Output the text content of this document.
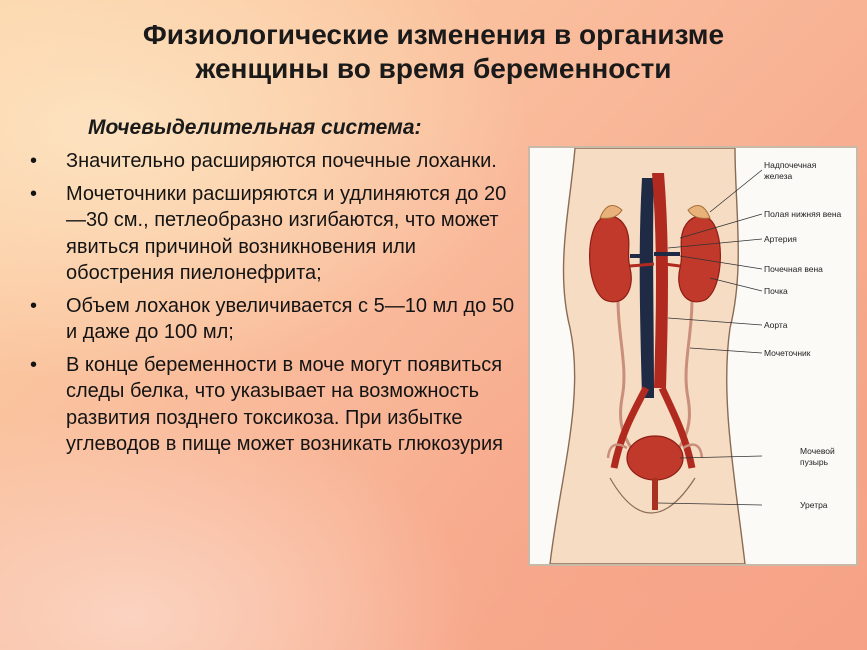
Физиологические изменения в организме
женщины во время беременности
Мочевыделительная система:
• Значительно расширяются почечные лоханки.
• Мочеточники расширяются и удлиняются до 20—30 см., петлеобразно изгибаются, что может явиться причиной возникновения или обострения пиелонефрита;
• Объем лоханок увеличивается с 5—10 мл до 50 и даже до 100 мл;
• В конце беременности в моче могут появиться следы белка, что указывает на возможность развития позднего токсикоза. При избытке углеводов в пище может возникать глюкозурия
Надпочечная
железа
Полая нижняя вена
Артерия
Почечная вена
Почка
Аорта
Мочеточник
Мочевой
пузырь
Уретра
